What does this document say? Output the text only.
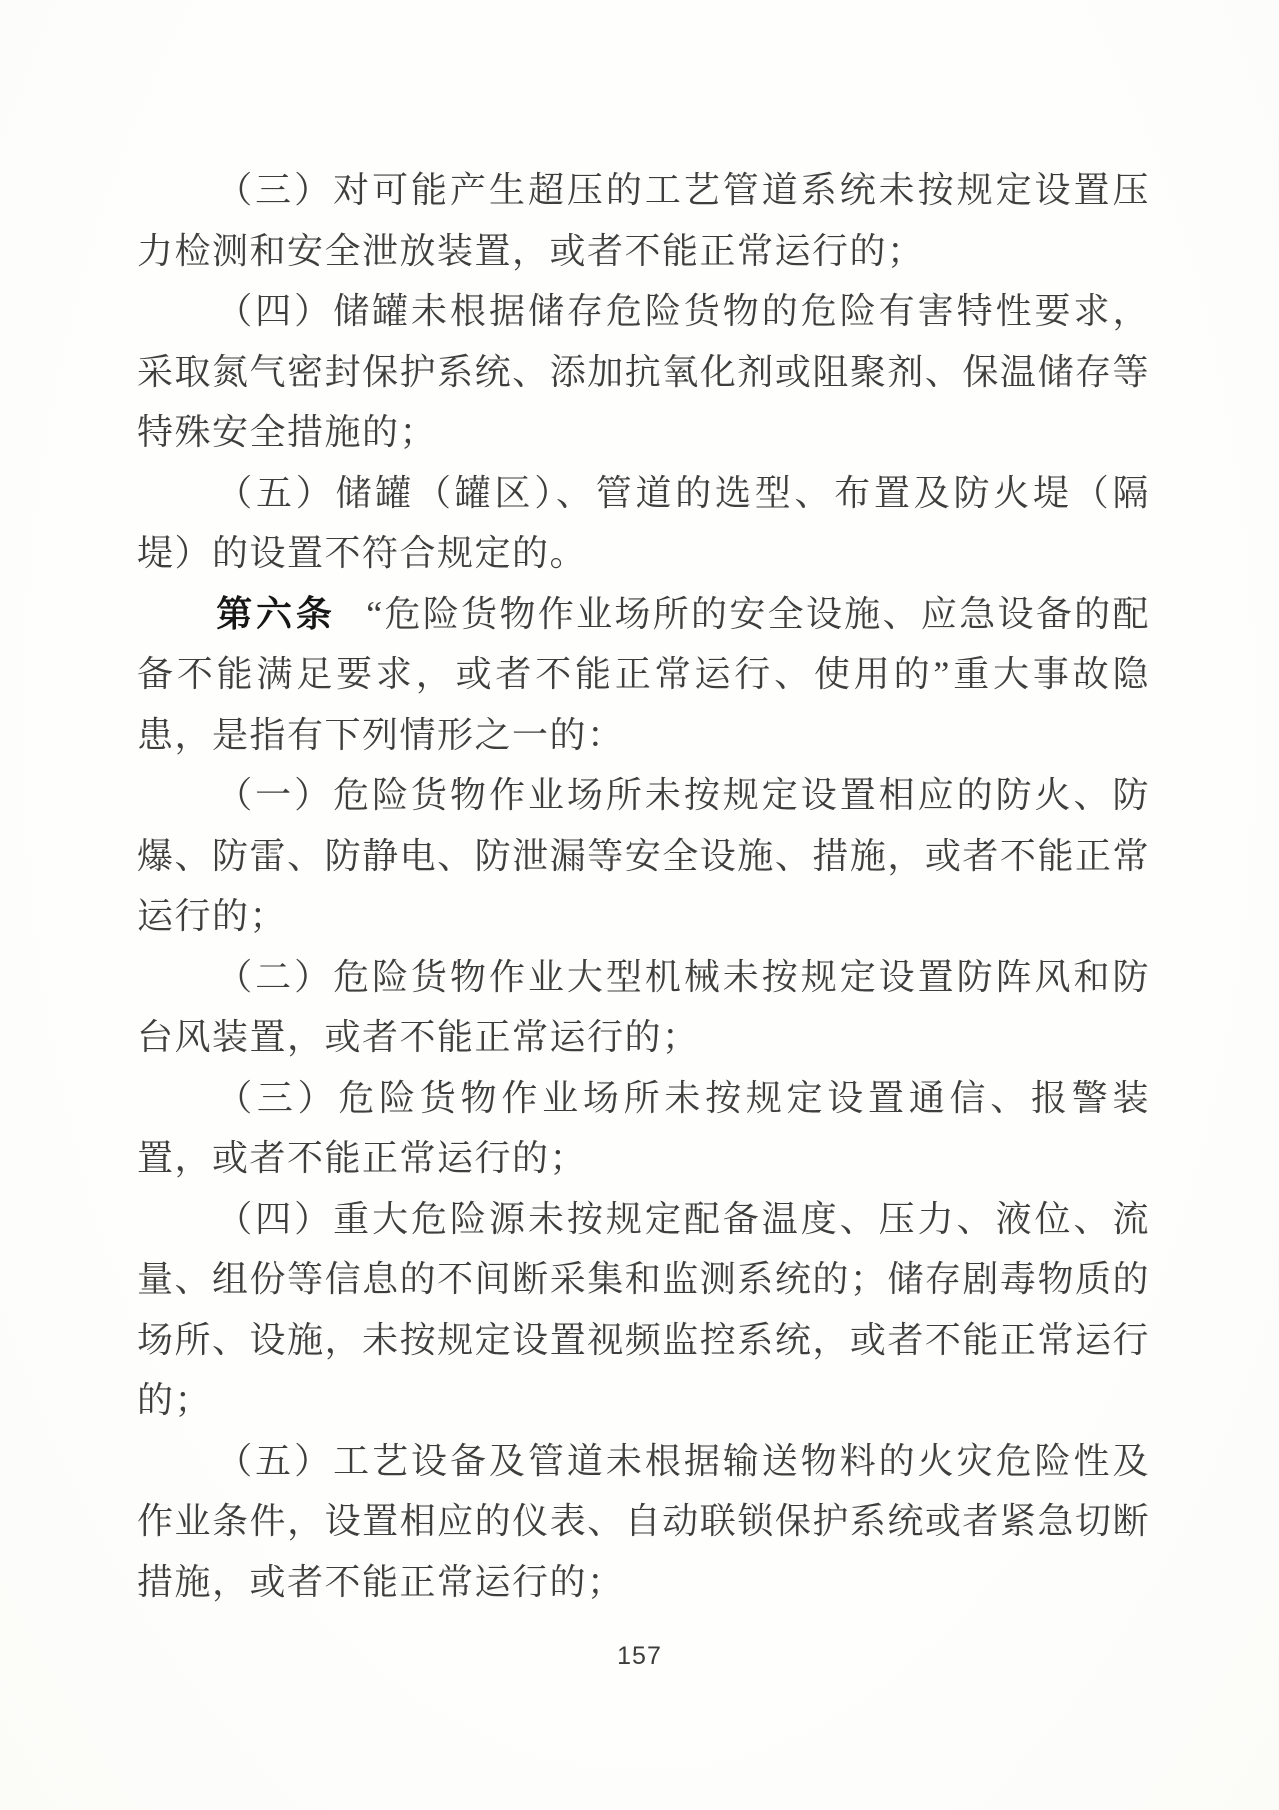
（三）对可能产生超压的工艺管道系统未按规定设置压力检测和安全泄放装置，或者不能正常运行的；

（四）储罐未根据储存危险货物的危险有害特性要求，采取氮气密封保护系统、添加抗氧化剂或阻聚剂、保温储存等特殊安全措施的；

（五）储罐（罐区）、管道的选型、布置及防火堤（隔堤）的设置不符合规定的。

第六条 “危险货物作业场所的安全设施、应急设备的配备不能满足要求，或者不能正常运行、使用的”重大事故隐患，是指有下列情形之一的：

（一）危险货物作业场所未按规定设置相应的防火、防爆、防雷、防静电、防泄漏等安全设施、措施，或者不能正常运行的；

（二）危险货物作业大型机械未按规定设置防阵风和防台风装置，或者不能正常运行的；

（三）危险货物作业场所未按规定设置通信、报警装置，或者不能正常运行的；

（四）重大危险源未按规定配备温度、压力、液位、流量、组份等信息的不间断采集和监测系统的；储存剧毒物质的场所、设施，未按规定设置视频监控系统，或者不能正常运行的；

（五）工艺设备及管道未根据输送物料的火灾危险性及作业条件，设置相应的仪表、自动联锁保护系统或者紧急切断措施，或者不能正常运行的；

157
